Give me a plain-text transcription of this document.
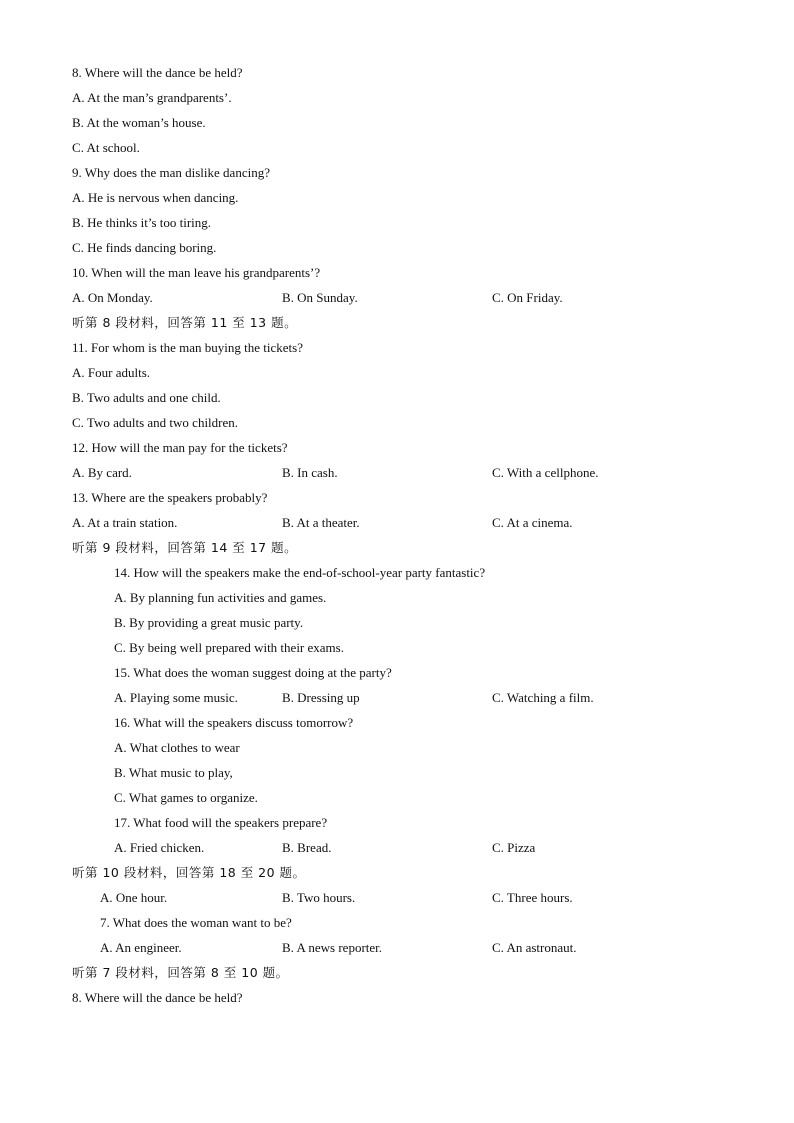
8. Where will the dance be held?
A. At the man’s grandparents’.
B. At the woman’s house.
C. At school.
9. Why does the man dislike dancing?
A. He is nervous when dancing.
B. He thinks it’s too tiring.
C. He finds dancing boring.
10. When will the man leave his grandparents’?
A. On Monday.	B. On Sunday.	C. On Friday.
听第 8 段材料，回答第 11 至 13 题。
11. For whom is the man buying the tickets?
A. Four adults.
B. Two adults and one child.
C. Two adults and two children.
12. How will the man pay for the tickets?
A. By card.	B. In cash.	C. With a cellphone.
13. Where are the speakers probably?
A. At a train station.	B. At a theater.	C. At a cinema.
听第 9 段材料，回答第 14 至 17 题。
14. How will the speakers make the end-of-school-year party fantastic?
A. By planning fun activities and games.
B. By providing a great music party.
C. By being well prepared with their exams.
15. What does the woman suggest doing at the party?
A. Playing some music.	B. Dressing up	C. Watching a film.
16. What will the speakers discuss tomorrow?
A. What clothes to wear
B. What music to play,
C. What games to organize.
17. What food will the speakers prepare?
A. Fried chicken.	B. Bread.	C. Pizza
听第 10 段材料，回答第 18 至 20 题。
A. One hour.	B. Two hours.	C. Three hours.
7. What does the woman want to be?
A. An engineer.	B. A news reporter.	C. An astronaut.
听第 7 段材料，回答第 8 至 10 题。
8. Where will the dance be held?
